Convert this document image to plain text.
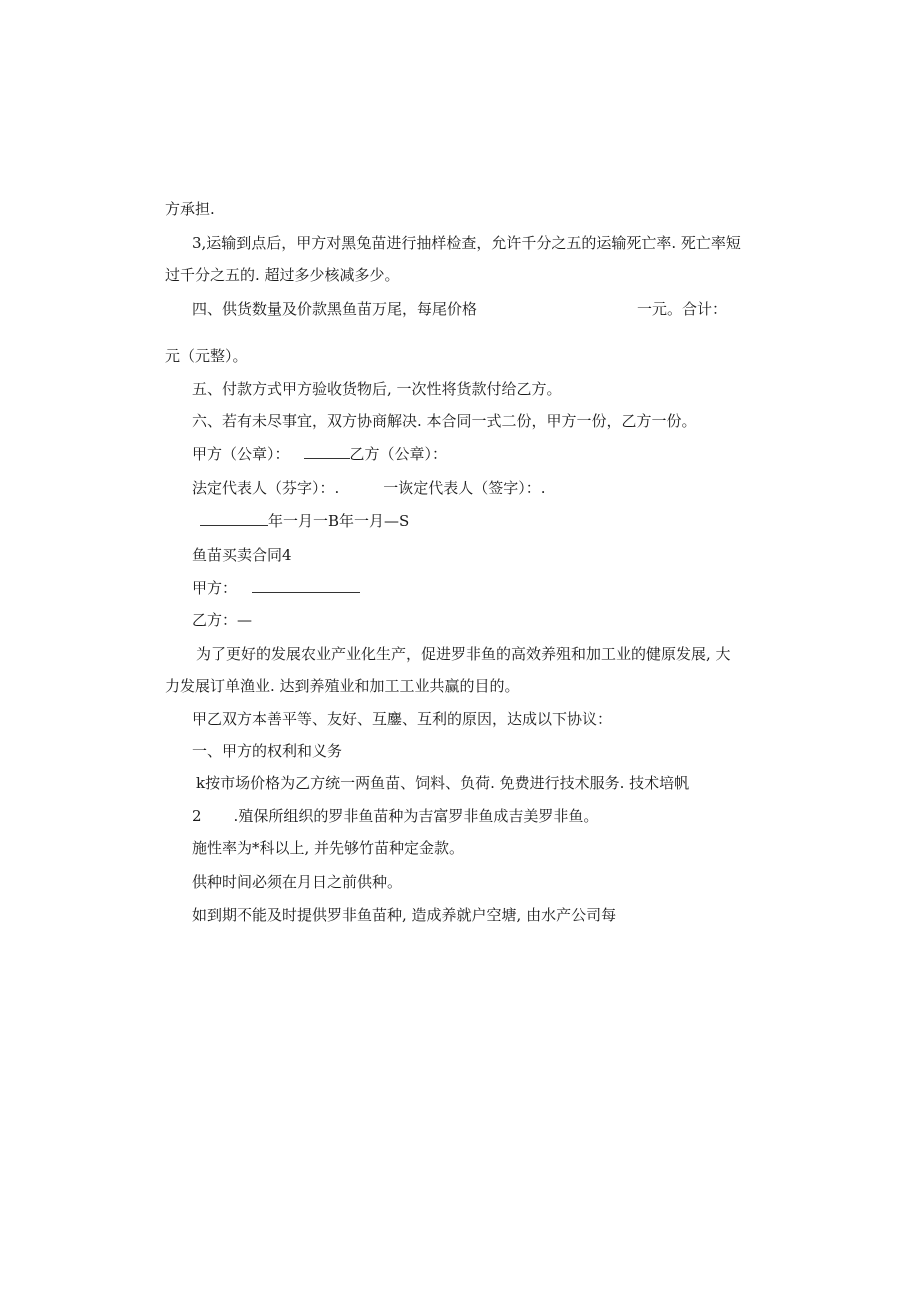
方承担.
3,运输到点后，甲方对黑兔苗进行抽样检查，允许千分之五的运输死亡率. 死亡率短
过千分之五的. 超过多少核减多少。
四、供货数量及价款黑鱼苗万尾，每尾价格	一元。合计：
元（元整）。
五、付款方式甲方验收货物后, 一次性将货款付给乙方。
六、若有未尽事宜，双方协商解决. 本合同一式二份，甲方一份，乙方一份。
甲方（公章）：	乙方（公章）：
法定代表人（芬字）：.	一诙定代表人（签字）：.
年一月一B年一月—S
鱼苗买卖合同4
甲方：
乙方：—
为了更好的发展农业产业化生产，促进罗非鱼的高效养殂和加工业的健原发展, 大
力发展订单渔业. 达到养殖业和加工工业共赢的目的。
甲乙双方本善平等、友好、互鏖、互利的原因，达成以下协议：
一、甲方的权利和义务
k按市场价格为乙方统一两鱼苗、饲料、负荷. 免费进行技术服务. 技术培帆
2 .殖保所组织的罗非鱼苗种为吉富罗非鱼成吉美罗非鱼。
施性率为*科以上, 并先够竹苗种定金款。
供种时间必须在月日之前供种。
如到期不能及时提供罗非鱼苗种, 造成养就户空塘, 由水产公司每
